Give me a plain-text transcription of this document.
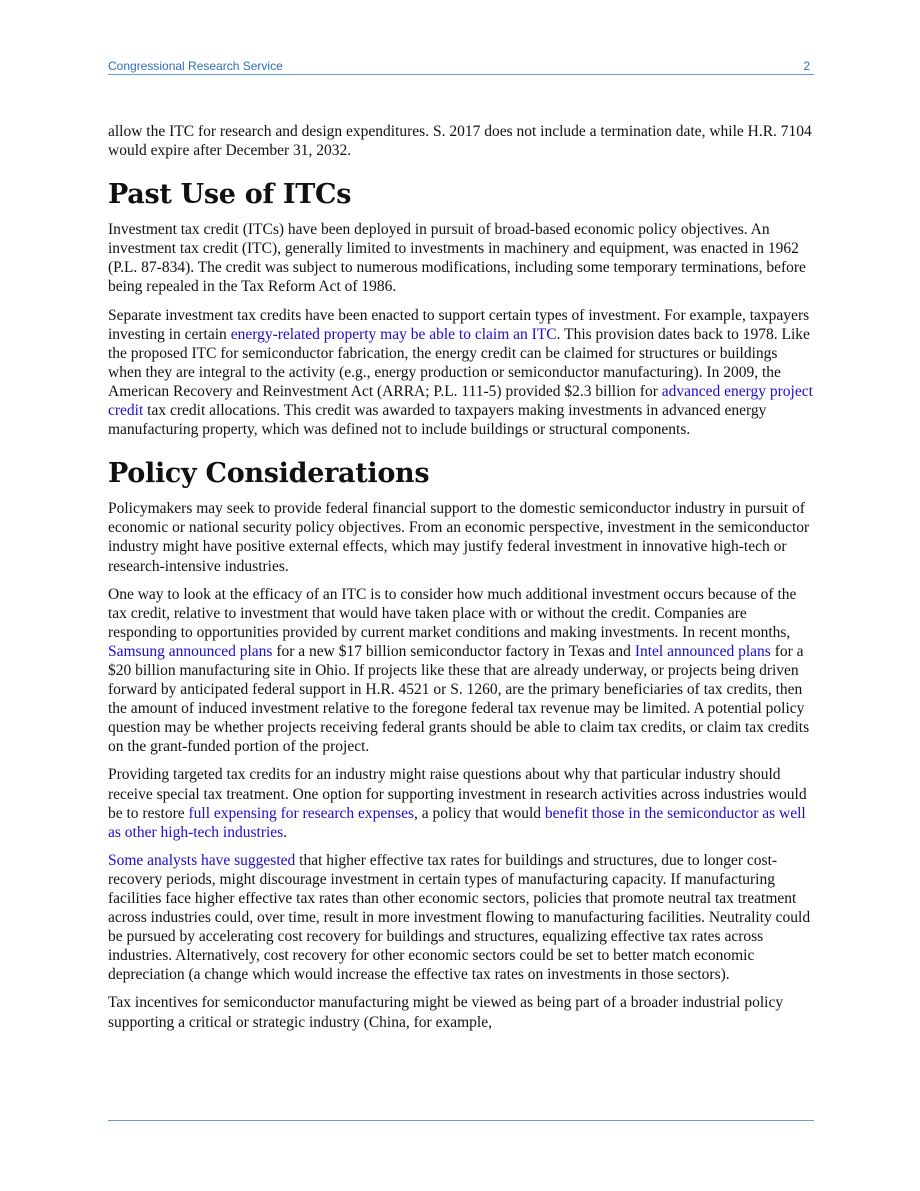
Congressional Research Service	2

allow the ITC for research and design expenditures. S. 2017 does not include a termination date, while H.R. 7104 would expire after December 31, 2032.

Past Use of ITCs

Investment tax credit (ITCs) have been deployed in pursuit of broad-based economic policy objectives. An investment tax credit (ITC), generally limited to investments in machinery and equipment, was enacted in 1962 (P.L. 87-834). The credit was subject to numerous modifications, including some temporary terminations, before being repealed in the Tax Reform Act of 1986.

Separate investment tax credits have been enacted to support certain types of investment. For example, taxpayers investing in certain energy-related property may be able to claim an ITC. This provision dates back to 1978. Like the proposed ITC for semiconductor fabrication, the energy credit can be claimed for structures or buildings when they are integral to the activity (e.g., energy production or semiconductor manufacturing). In 2009, the American Recovery and Reinvestment Act (ARRA; P.L. 111-5) provided $2.3 billion for advanced energy project credit tax credit allocations. This credit was awarded to taxpayers making investments in advanced energy manufacturing property, which was defined not to include buildings or structural components.

Policy Considerations

Policymakers may seek to provide federal financial support to the domestic semiconductor industry in pursuit of economic or national security policy objectives. From an economic perspective, investment in the semiconductor industry might have positive external effects, which may justify federal investment in innovative high-tech or research-intensive industries.

One way to look at the efficacy of an ITC is to consider how much additional investment occurs because of the tax credit, relative to investment that would have taken place with or without the credit. Companies are responding to opportunities provided by current market conditions and making investments. In recent months, Samsung announced plans for a new $17 billion semiconductor factory in Texas and Intel announced plans for a $20 billion manufacturing site in Ohio. If projects like these that are already underway, or projects being driven forward by anticipated federal support in H.R. 4521 or S. 1260, are the primary beneficiaries of tax credits, then the amount of induced investment relative to the foregone federal tax revenue may be limited. A potential policy question may be whether projects receiving federal grants should be able to claim tax credits, or claim tax credits on the grant-funded portion of the project.

Providing targeted tax credits for an industry might raise questions about why that particular industry should receive special tax treatment. One option for supporting investment in research activities across industries would be to restore full expensing for research expenses, a policy that would benefit those in the semiconductor as well as other high-tech industries.

Some analysts have suggested that higher effective tax rates for buildings and structures, due to longer cost-recovery periods, might discourage investment in certain types of manufacturing capacity. If manufacturing facilities face higher effective tax rates than other economic sectors, policies that promote neutral tax treatment across industries could, over time, result in more investment flowing to manufacturing facilities. Neutrality could be pursued by accelerating cost recovery for buildings and structures, equalizing effective tax rates across industries. Alternatively, cost recovery for other economic sectors could be set to better match economic depreciation (a change which would increase the effective tax rates on investments in those sectors).

Tax incentives for semiconductor manufacturing might be viewed as being part of a broader industrial policy supporting a critical or strategic industry (China, for example,
